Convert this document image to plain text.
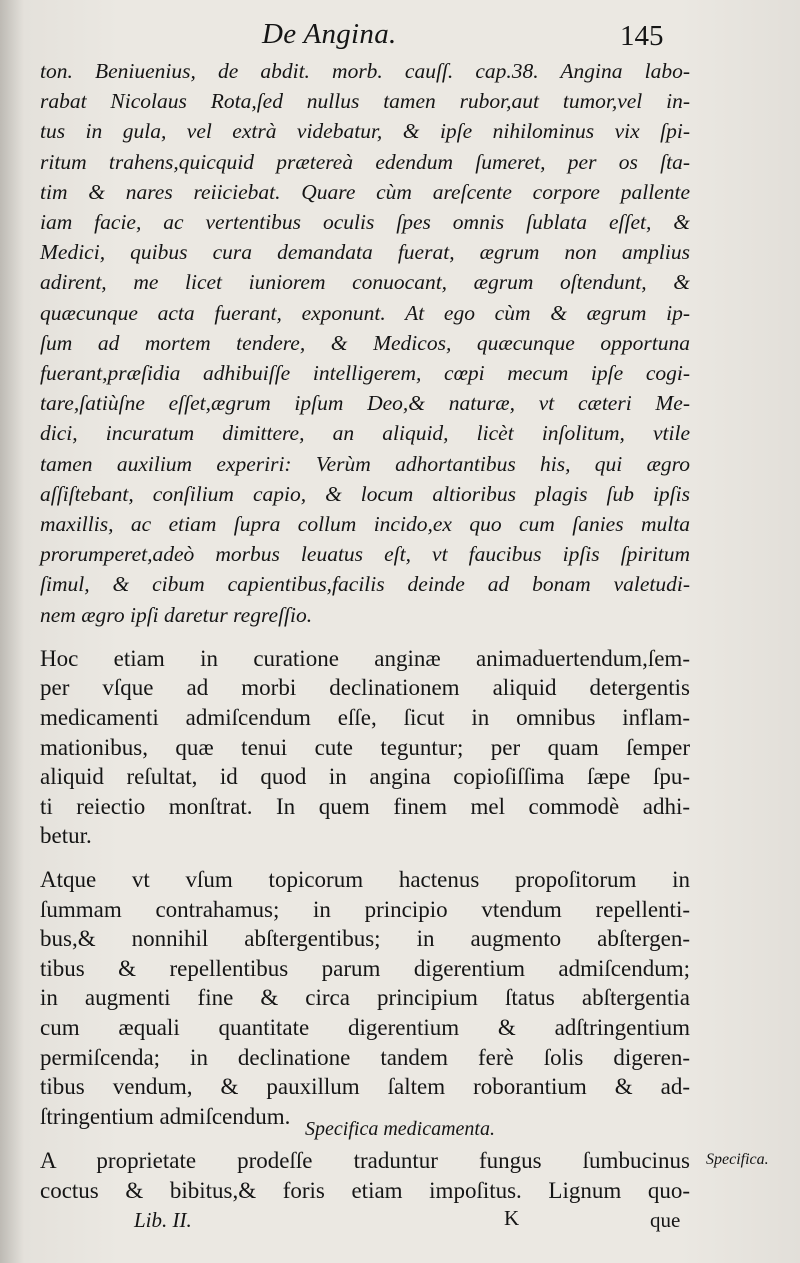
De Angina.	145

ton. Beniuenius, de abdit. morb. cauſſ. cap.38. Angina labo-

rabat Nicolaus Rota,ſed nullus tamen rubor,aut tumor,vel in-

tus in gula, vel extrà videbatur, & ipſe nihilominus vix ſpi-

ritum trahens,quicquid prætereà edendum ſumeret, per os ſta-

tim & nares reiiciebat. Quare cùm areſcente corpore pallente

iam facie, ac vertentibus oculis ſpes omnis ſublata eſſet, &

Medici, quibus cura demandata fuerat, ægrum non amplius

adirent, me licet iuniorem conuocant, ægrum oſtendunt, &

quæcunque acta fuerant, exponunt. At ego cùm & ægrum ip-

ſum ad mortem tendere, & Medicos, quæcunque opportuna

fuerant,præſidia adhibuiſſe intelligerem, cœpi mecum ipſe cogi-

tare,ſatiùſne eſſet,ægrum ipſum Deo,& naturæ, vt cæteri Me-

dici, incuratum dimittere, an aliquid, licèt inſolitum, vtile

tamen auxilium experiri: Verùm adhortantibus his, qui ægro

aſſiſtebant, conſilium capio, & locum altioribus plagis ſub ipſis

maxillis, ac etiam ſupra collum incido,ex quo cum ſanies multa

prorumperet,adeò morbus leuatus eſt, vt faucibus ipſis ſpiritum

ſimul, & cibum capientibus,facilis deinde ad bonam valetudi-

nem ægro ipſi daretur regreſſio.

Hoc etiam in curatione anginæ animaduertendum,ſem-

per vſque ad morbi declinationem aliquid detergentis

medicamenti admiſcendum eſſe, ſicut in omnibus inflam-

mationibus, quæ tenui cute teguntur; per quam ſemper

aliquid reſultat, id quod in angina copioſiſſima ſæpe ſpu-

ti reiectio monſtrat. In quem finem mel commodè adhi-

betur.

Atque vt vſum topicorum hactenus propoſitorum in

ſummam contrahamus; in principio vtendum repellenti-

bus,& nonnihil abſtergentibus; in augmento abſtergen-

tibus & repellentibus parum digerentium admiſcendum;

in augmenti fine & circa principium ſtatus abſtergentia

cum æquali quantitate digerentium & adſtringentium

permiſcenda; in declinatione tandem ferè ſolis digeren-

tibus vendum, & pauxillum ſaltem roborantium & ad-

ſtringentium admiſcendum.

Specifica medicamenta.

A proprietate prodeſſe traduntur fungus ſumbucinus

coctus & bibitus,& foris etiam impoſitus. Lignum quo-

Specifica.
Lib. II.	K	que
